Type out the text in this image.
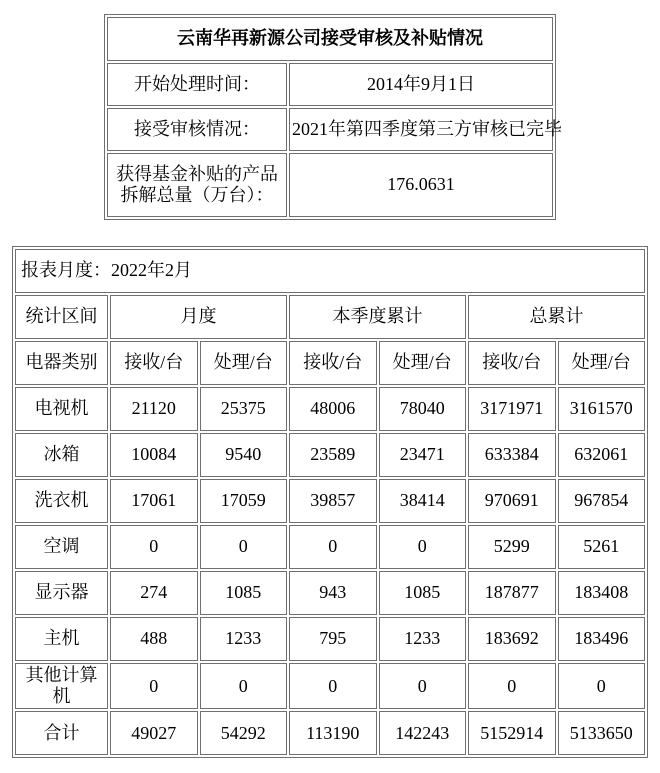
云南华再新源公司接受审核及补贴情况	
开始处理时间：	2014年9月1日
接受审核情况：	2021年第四季度第三方审核已完毕
获得基金补贴的产品拆解总量（万台）：	176.0631
报表月度：2022年2月						
统计区间	月度		本季度累计		总累计	
电器类别	接收/台	处理/台	接收/台	处理/台	接收/台	处理/台
电视机	21120	25375	48006	78040	3171971	3161570
冰箱	10084	9540	23589	23471	633384	632061
洗衣机	17061	17059	39857	38414	970691	967854
空调	0	0	0	0	5299	5261
显示器	274	1085	943	1085	187877	183408
主机	488	1233	795	1233	183692	183496
其他计算机	0	0	0	0	0	0
合计	49027	54292	113190	142243	5152914	5133650
